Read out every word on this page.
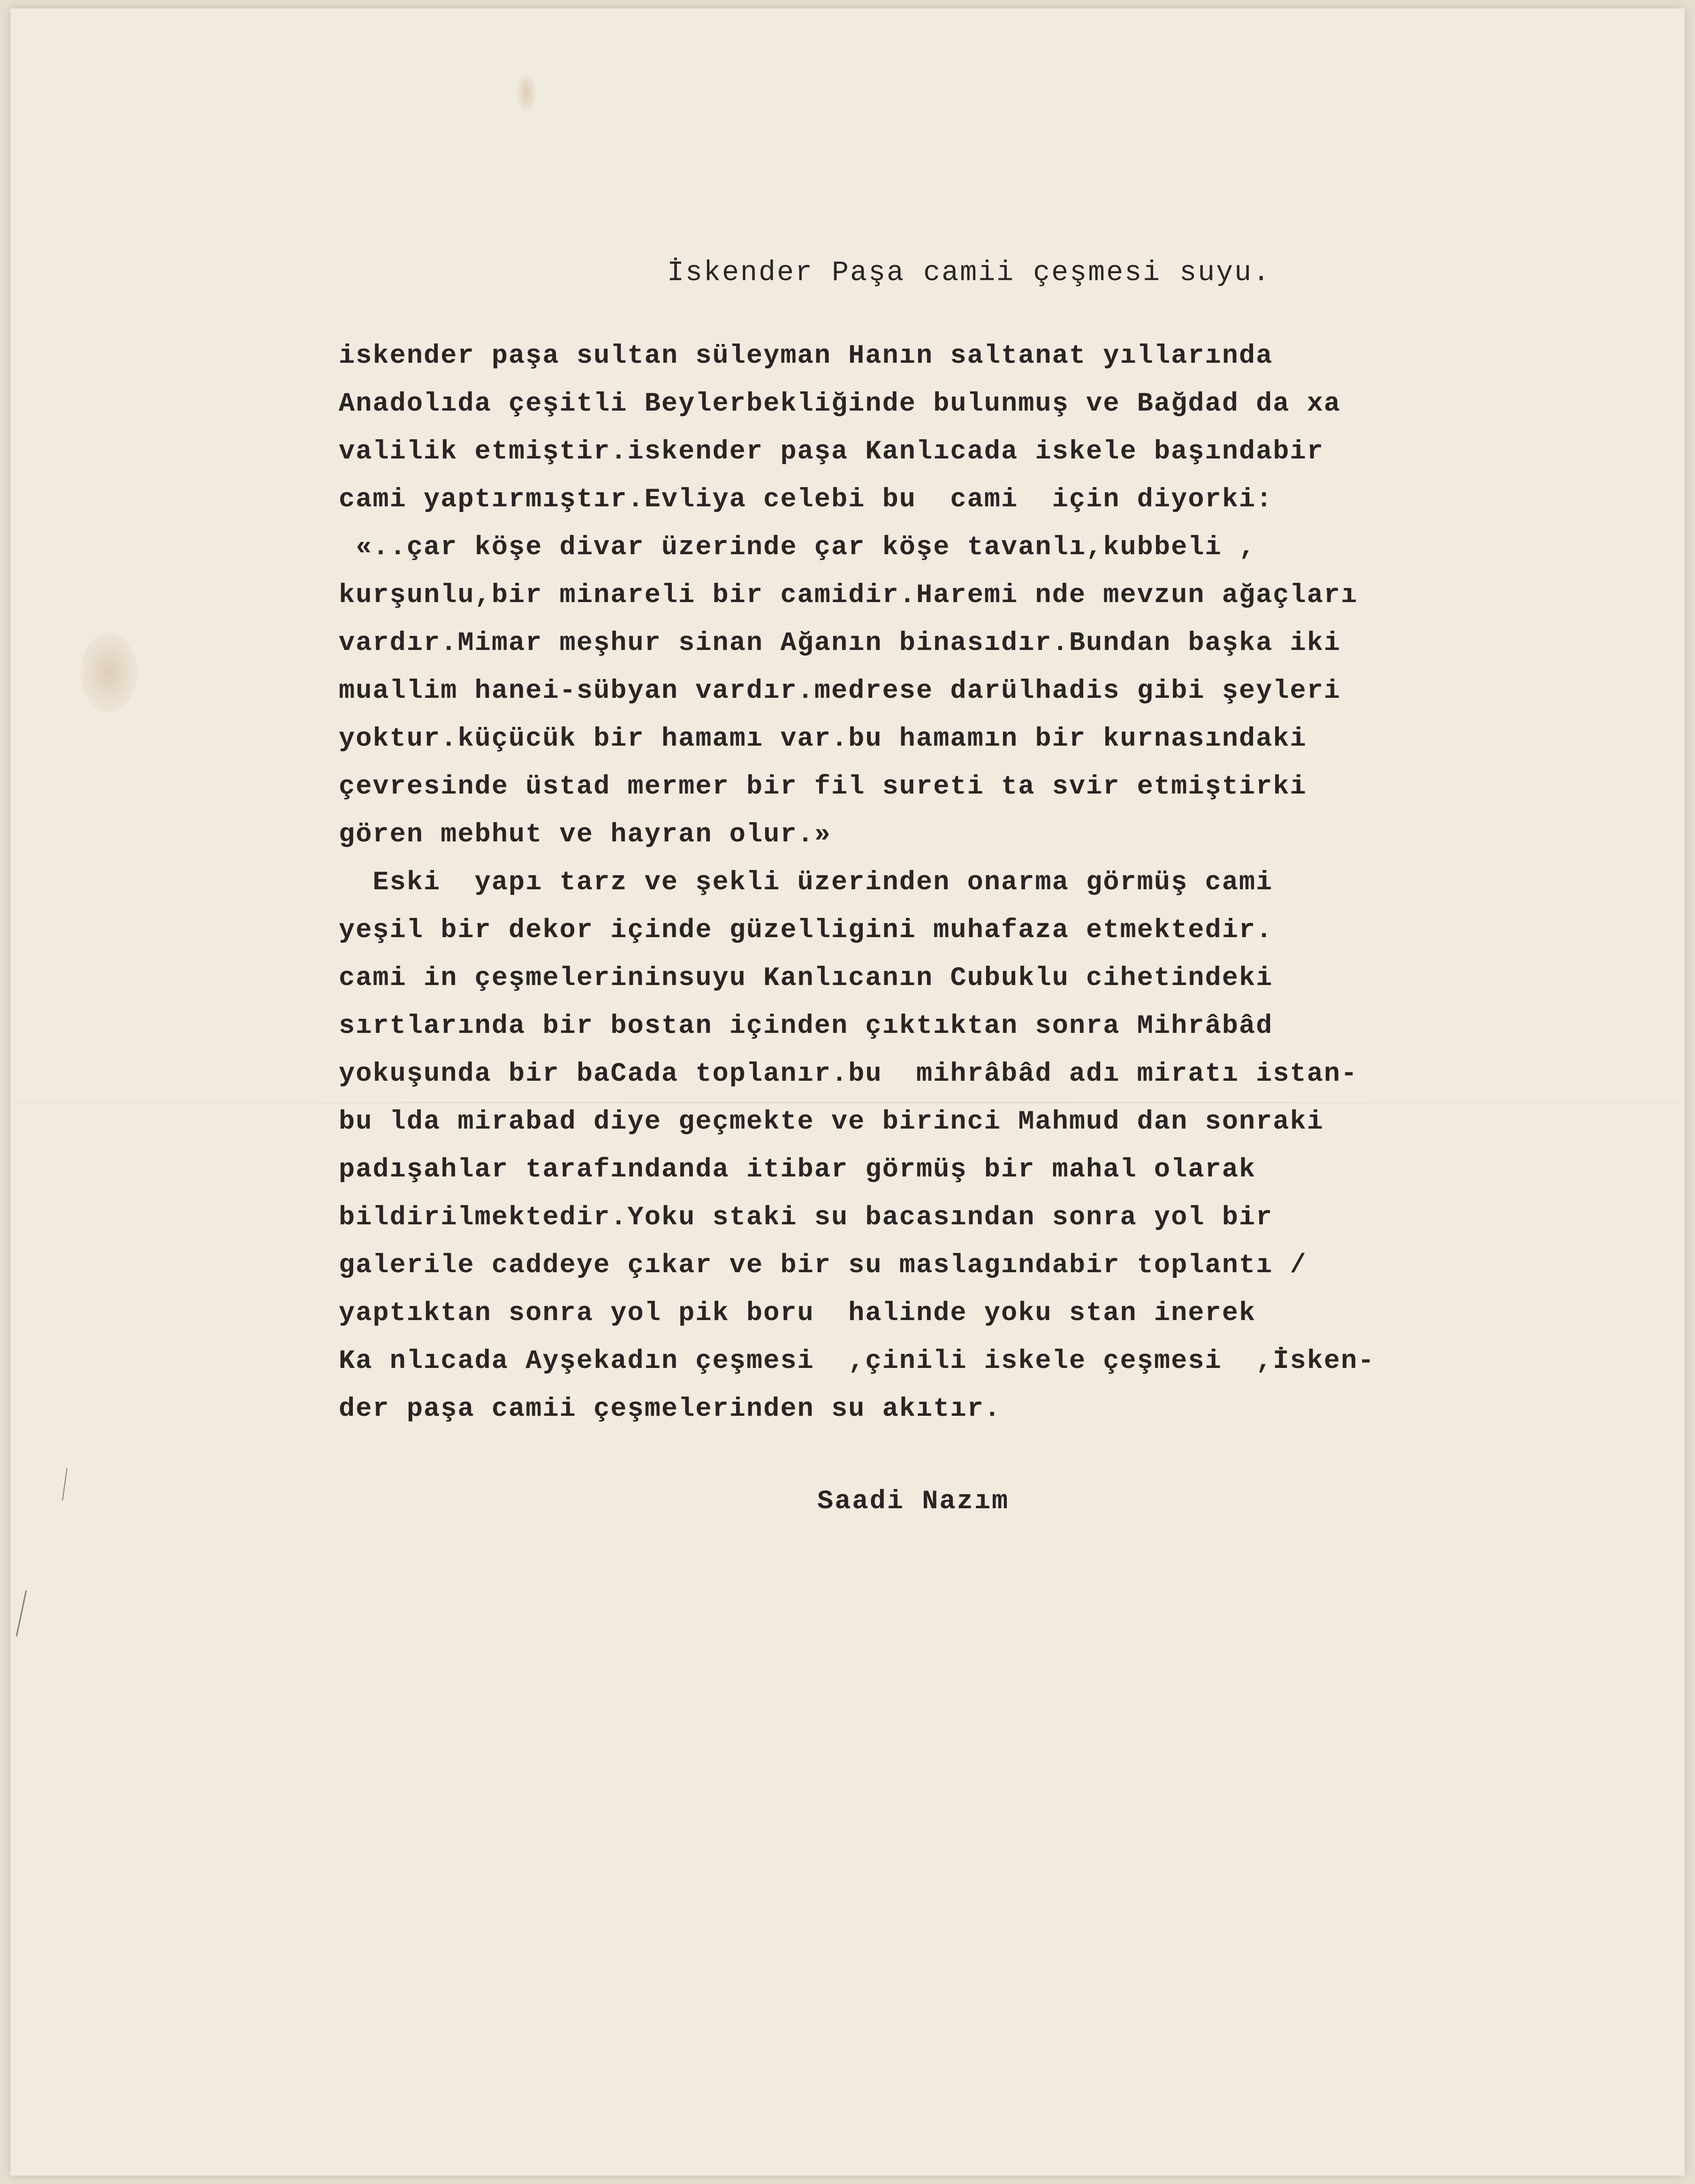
İskender Paşa camii çeşmesi suyu.
iskender paşa sultan süleyman Hanın saltanat yıllarında
Anadolıda çeşitli Beylerbekliğinde bulunmuş ve Bağdad da xa
valilik etmiştir.iskender paşa Kanlıcada iskele başındabir
cami yaptırmıştır.Evliya celebi bu  cami  için diyorki:
«..çar köşe divar üzerinde çar köşe tavanlı,kubbeli ,
kurşunlu,bir minareli bir camidir.Haremi nde mevzun ağaçları
vardır.Mimar meşhur sinan Ağanın binasıdır.Bundan başka iki
muallim hanei-sübyan vardır.medrese darülhadis gibi şeyleri
yoktur.küçücük bir hamamı var.bu hamamın bir kurnasındaki
çevresinde üstad mermer bir fil sureti ta svir etmiştirki
gören mebhut ve hayran olur.»
Eski  yapı tarz ve şekli üzerinden onarma görmüş cami
yeşil bir dekor içinde güzelligini muhafaza etmektedir.
cami in çeşmelerininsuyu Kanlıcanın Cubuklu cihetindeki
sırtlarında bir bostan içinden çıktıktan sonra Mihrâbâd
yokuşunda bir baCada toplanır.bu  mihrâbâd adı miratı istan-
bu lda mirabad diye geçmekte ve birinci Mahmud dan sonraki
padışahlar tarafındanda itibar görmüş bir mahal olarak
bildirilmektedir.Yoku staki su bacasından sonra yol bir
galerile caddeye çıkar ve bir su maslagındabir toplantı /
yaptıktan sonra yol pik boru  halinde yoku stan inerek
Ka nlıcada Ayşekadın çeşmesi  ,çinili iskele çeşmesi  ,İsken-
der paşa camii çeşmelerinden su akıtır.
Saadi Nazım
